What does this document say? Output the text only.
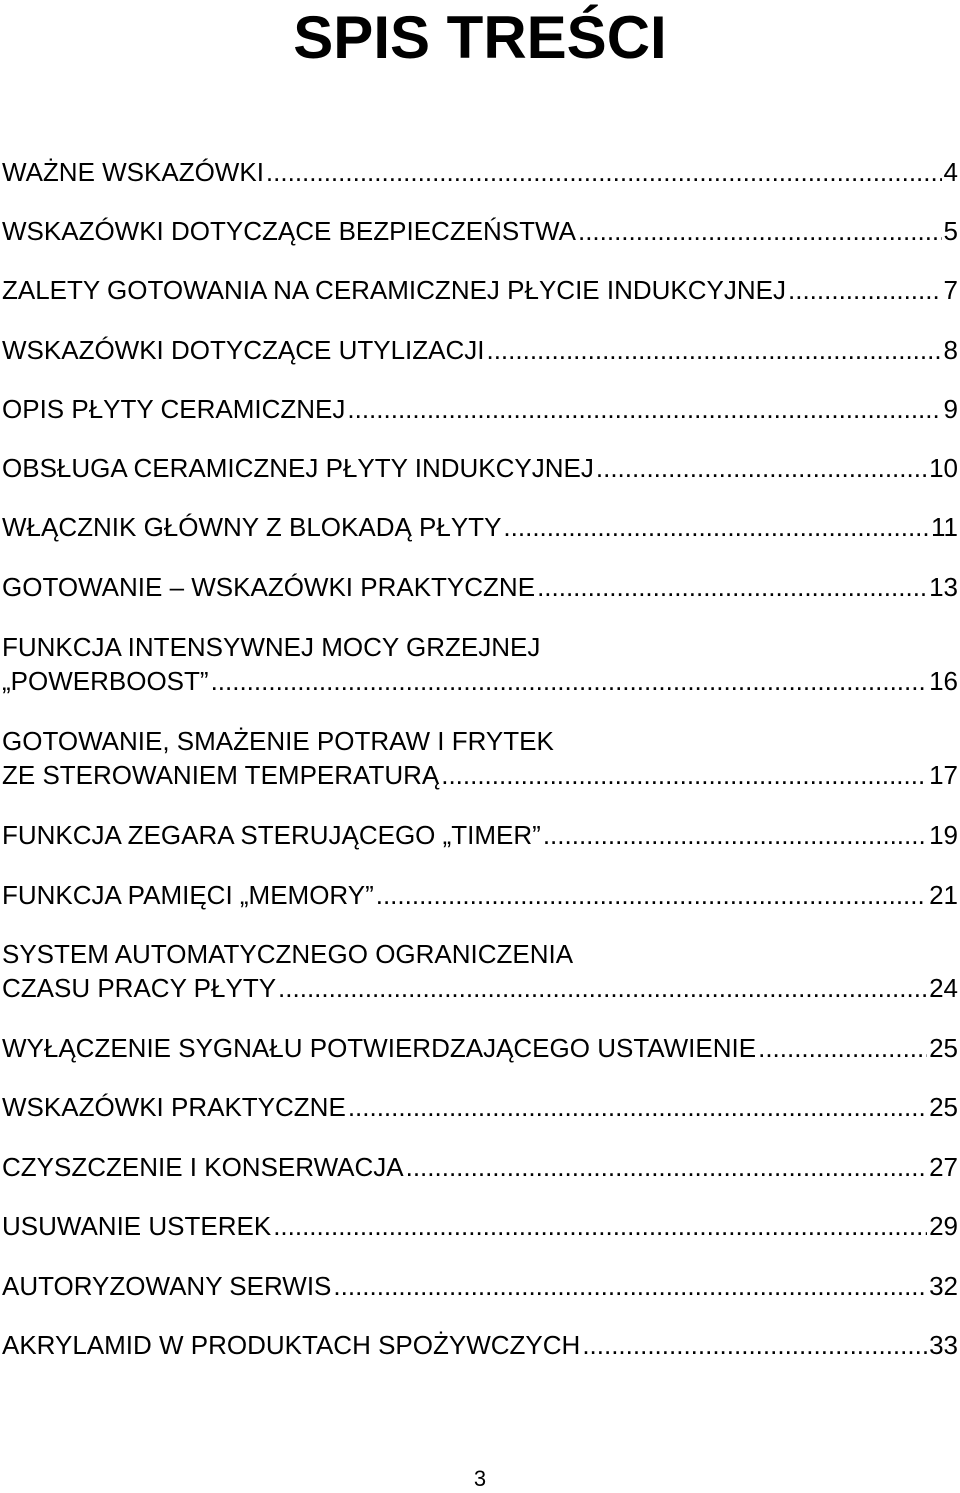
SPIS TREŚCI
WAŻNE WSKAZÓWKI .....	4
WSKAZÓWKI DOTYCZĄCE BEZPIECZEŃSTWA .....	5
ZALETY GOTOWANIA NA CERAMICZNEJ PŁYCIE INDUKCYJNEJ .....	7
WSKAZÓWKI DOTYCZĄCE UTYLIZACJI .....	8
OPIS PŁYTY CERAMICZNEJ .....	9
OBSŁUGA CERAMICZNEJ PŁYTY INDUKCYJNEJ .....	10
WŁĄCZNIK GŁÓWNY Z BLOKADĄ PŁYTY .....	11
GOTOWANIE – WSKAZÓWKI PRAKTYCZNE .....	13
FUNKCJA INTENSYWNEJ MOCY GRZEJNEJ
„POWERBOOST” .....	16
GOTOWANIE, SMAŻENIE POTRAW I FRYTEK
ZE STEROWANIEM TEMPERATURĄ .....	17
FUNKCJA ZEGARA STERUJĄCEGO „TIMER” .....	19
FUNKCJA PAMIĘCI „MEMORY” .....	21
SYSTEM AUTOMATYCZNEGO OGRANICZENIA
CZASU PRACY PŁYTY .....	24
WYŁĄCZENIE SYGNAŁU POTWIERDZAJĄCEGO USTAWIENIE .....	25
WSKAZÓWKI PRAKTYCZNE .....	25
CZYSZCZENIE I KONSERWACJA .....	27
USUWANIE USTEREK .....	29
AUTORYZOWANY SERWIS .....	32
AKRYLAMID W PRODUKTACH SPOŻYWCZYCH .....	33
3
